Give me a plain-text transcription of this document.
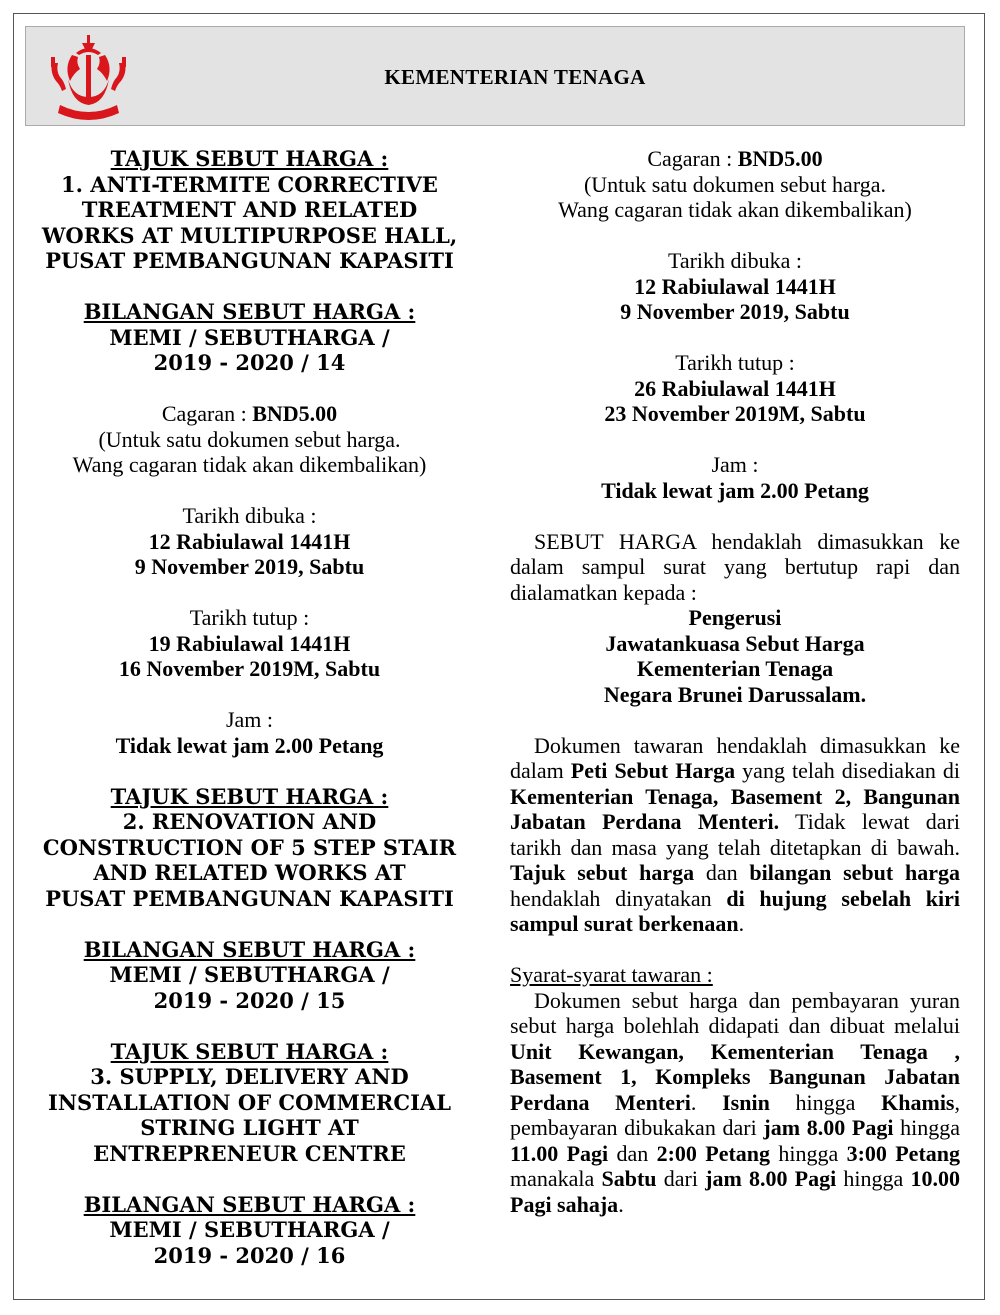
KEMENTERIAN TENAGA

TAJUK SEBUT HARGA :

1. ANTI-TERMITE CORRECTIVE

TREATMENT AND RELATED

WORKS AT MULTIPURPOSE HALL,

PUSAT PEMBANGUNAN KAPASITI

BILANGAN SEBUT HARGA :

MEMI / SEBUTHARGA /

2019 - 2020 / 14

Cagaran : BND5.00

(Untuk satu dokumen sebut harga.

Wang cagaran tidak akan dikembalikan)

Tarikh dibuka :

12 Rabiulawal 1441H

9 November 2019, Sabtu

Tarikh tutup :

19 Rabiulawal 1441H

16 November 2019M, Sabtu

Jam :

Tidak lewat jam 2.00 Petang

TAJUK SEBUT HARGA :

2. RENOVATION AND

CONSTRUCTION OF 5 STEP STAIR

AND RELATED WORKS AT

PUSAT PEMBANGUNAN KAPASITI

BILANGAN SEBUT HARGA :

MEMI / SEBUTHARGA /

2019 - 2020 / 15

TAJUK SEBUT HARGA :

3. SUPPLY, DELIVERY AND

INSTALLATION OF COMMERCIAL

STRING LIGHT AT

ENTREPRENEUR CENTRE

BILANGAN SEBUT HARGA :

MEMI / SEBUTHARGA /

2019 - 2020 / 16

Cagaran : BND5.00

(Untuk satu dokumen sebut harga.

Wang cagaran tidak akan dikembalikan)

Tarikh dibuka :

12 Rabiulawal 1441H

9 November 2019, Sabtu

Tarikh tutup :

26 Rabiulawal 1441H

23 November 2019M, Sabtu

Jam :

Tidak lewat jam 2.00 Petang

SEBUT HARGA hendaklah dimasukkan ke dalam sampul surat yang bertutup rapi dan dialamatkan kepada :

Pengerusi

Jawatankuasa Sebut Harga

Kementerian Tenaga

Negara Brunei Darussalam.

Dokumen tawaran hendaklah dimasukkan ke dalam Peti Sebut Harga yang telah disediakan di Kementerian Tenaga, Basement 2, Bangunan Jabatan Perdana Menteri. Tidak lewat dari tarikh dan masa yang telah ditetapkan di bawah. Tajuk sebut harga dan bilangan sebut harga hendaklah dinyatakan di hujung sebelah kiri sampul surat berkenaan.

Syarat-syarat tawaran :

Dokumen sebut harga dan pembayaran yuran sebut harga bolehlah didapati dan dibuat melalui Unit Kewangan, Kementerian Tenaga , Basement 1, Kompleks Bangunan Jabatan Perdana Menteri. Isnin hingga Khamis, pembayaran dibukakan dari jam 8.00 Pagi hingga 11.00 Pagi dan 2:00 Petang hingga 3:00 Petang manakala Sabtu dari jam 8.00 Pagi hingga 10.00 Pagi sahaja.
